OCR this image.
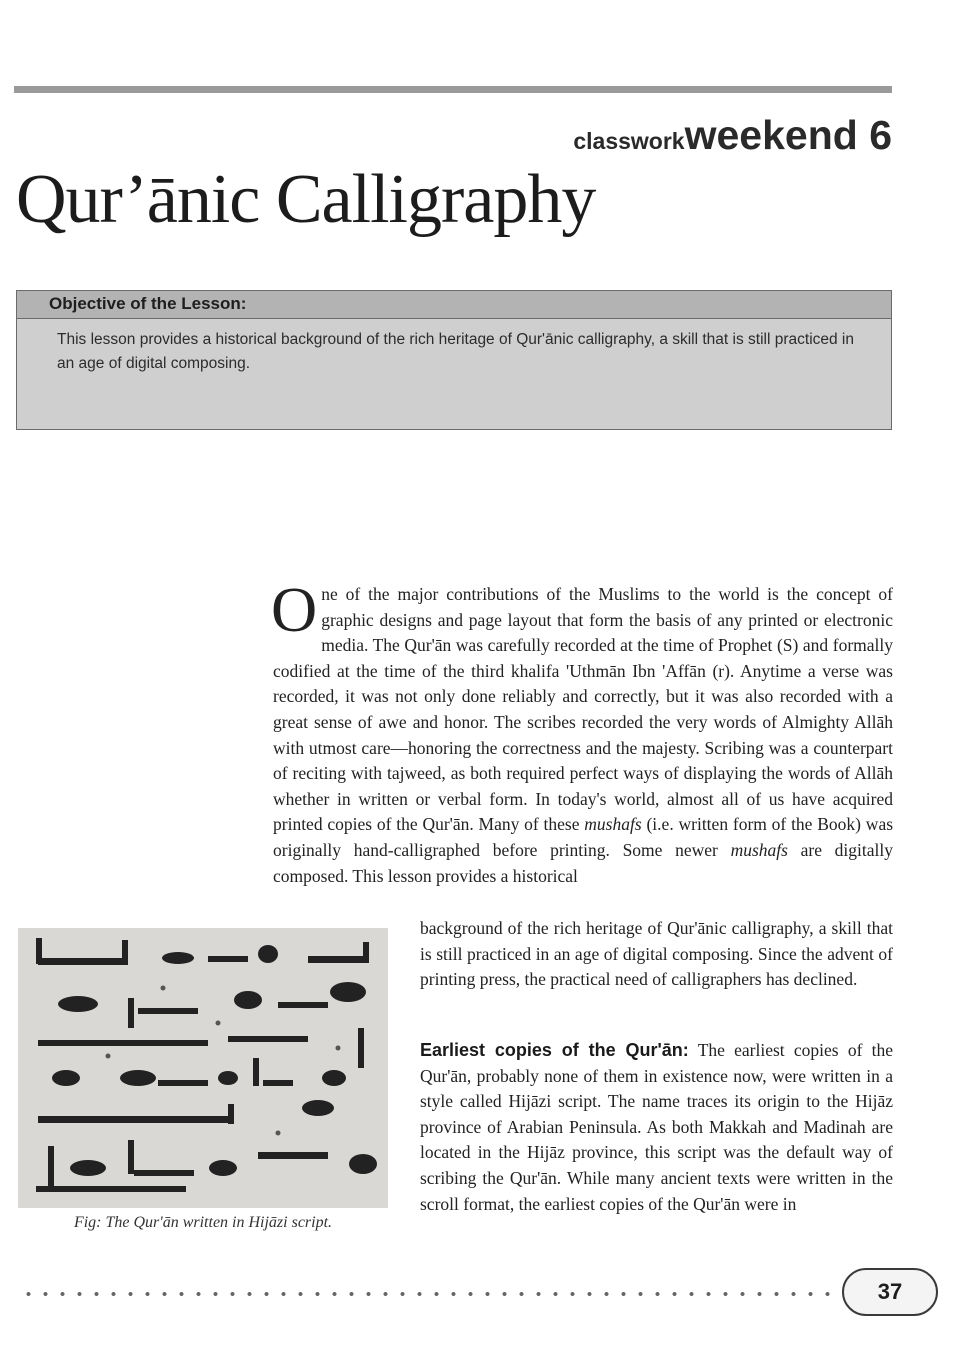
classworkweekend 6
Qur’ānic Calligraphy
Objective of the Lesson:

This lesson provides a historical background of the rich heritage of Qur'ānic calligraphy, a skill that is still practiced in an age of digital composing.

One of the major contributions of the Muslims to the world is the concept of graphic designs and page layout that form the basis of any printed or electronic media. The Qur'ān was carefully recorded at the time of Prophet (S) and formally codified at the time of the third khalifa 'Uthmān Ibn 'Affān (r). Anytime a verse was recorded, it was not only done reliably and correctly, but it was also recorded with a great sense of awe and honor. The scribes recorded the very words of Almighty Allāh with utmost care—honoring the correctness and the majesty. Scribing was a counterpart of reciting with tajweed, as both required perfect ways of displaying the words of Allāh whether in written or verbal form. In today's world, almost all of us have acquired printed copies of the Qur'ān. Many of these mushafs (i.e. written form of the Book) was originally hand-calligraphed before printing. Some newer mushafs are digitally composed. This lesson provides a historical

background of the rich heritage of Qur'ānic calligraphy, a skill that is still practiced in an age of digital composing. Since the advent of printing press, the practical need of calligraphers has declined.

Earliest copies of the Qur'ān: The earliest copies of the Qur'ān, probably none of them in existence now, were written in a style called Hijāzi script. The name traces its origin to the Hijāz province of Arabian Peninsula. As both Makkah and Madinah are located in the Hijāz province, this script was the default way of scribing the Qur'ān. While many ancient texts were written in the scroll format, the earliest copies of the Qur'ān were in

Fig: The Qur'ān written in Hijāzi script.
37
